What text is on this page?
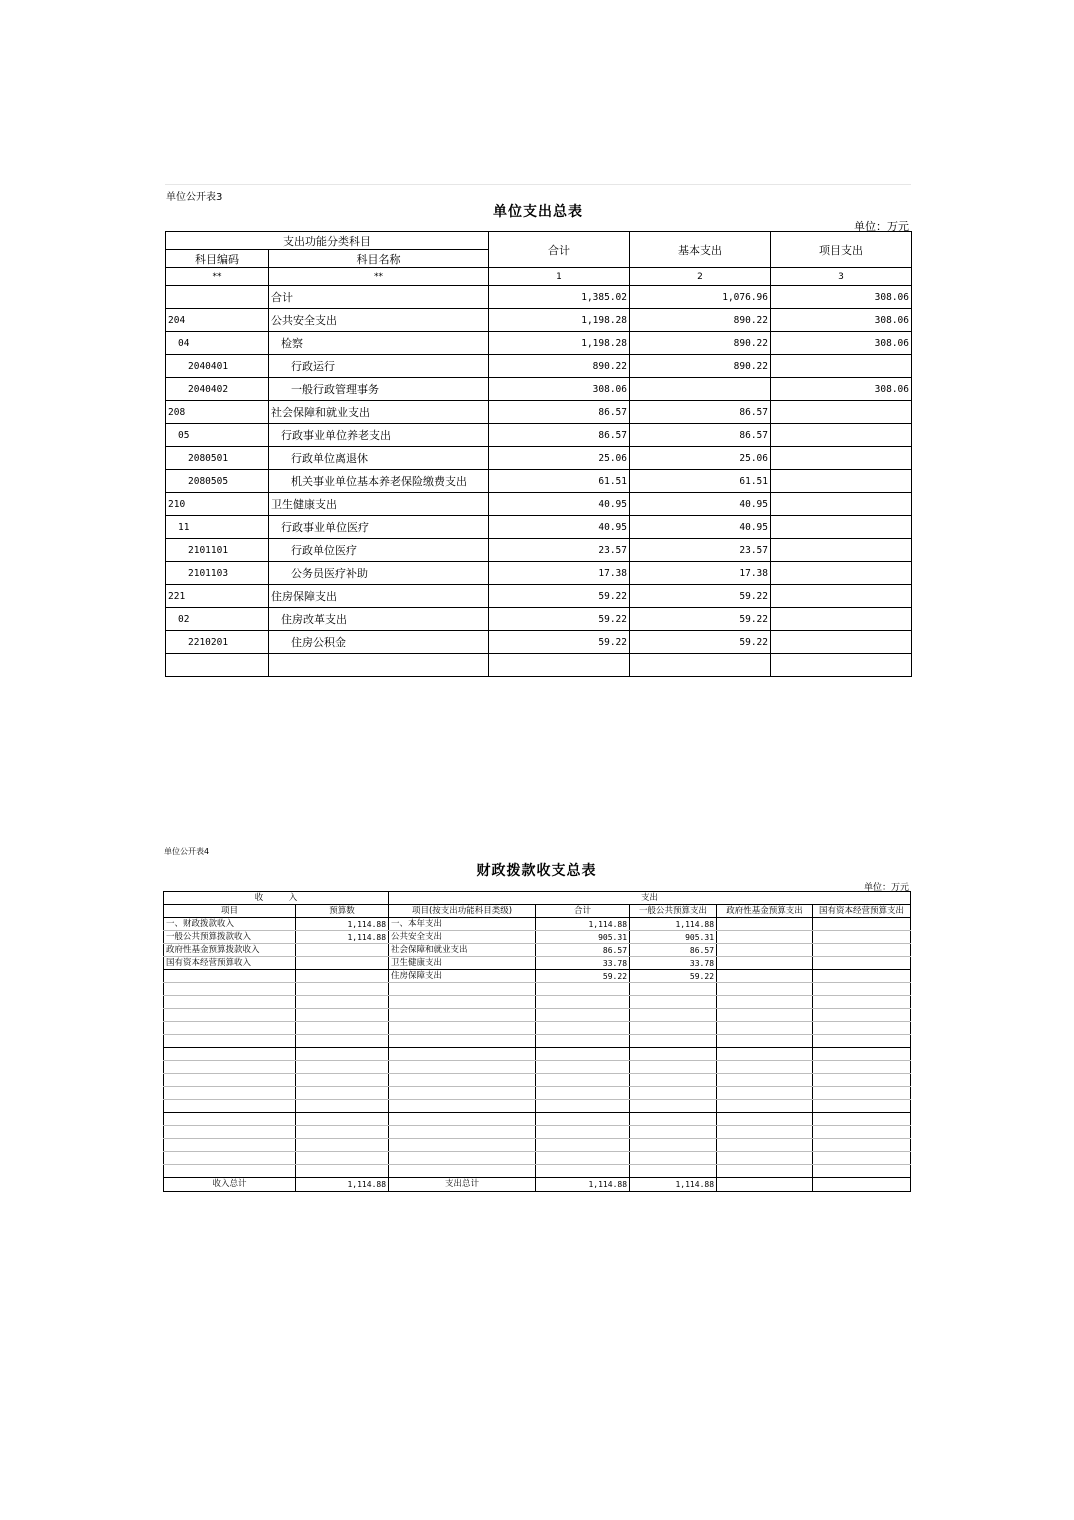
单位公开表3
单位支出总表
单位：万元
支出功能分类科目		合计	基本支出	项目支出
科目编码	科目名称			
**	**	1	2	3
	合计	1,385.02	1,076.96	308.06
204	公共安全支出	1,198.28	890.22	308.06
04	检察	1,198.28	890.22	308.06
2040401	行政运行	890.22	890.22	
2040402	一般行政管理事务	308.06		308.06
208	社会保障和就业支出	86.57	86.57	
05	行政事业单位养老支出	86.57	86.57	
2080501	行政单位离退休	25.06	25.06	
2080505	机关事业单位基本养老保险缴费支出	61.51	61.51	
210	卫生健康支出	40.95	40.95	
11	行政事业单位医疗	40.95	40.95	
2101101	行政单位医疗	23.57	23.57	
2101103	公务员医疗补助	17.38	17.38	
221	住房保障支出	59.22	59.22	
02	住房改革支出	59.22	59.22	
2210201	住房公积金	59.22	59.22	

单位公开表4
财政拨款收支总表
单位：万元
收　　　入		支出				
项目	预算数	项目(按支出功能科目类级)	合计	一般公共预算支出	政府性基金预算支出	国有资本经营预算支出
一、财政拨款收入	1,114.88	一、本年支出	1,114.88	1,114.88		
一般公共预算拨款收入	1,114.88	公共安全支出	905.31	905.31		
政府性基金预算拨款收入		社会保障和就业支出	86.57	86.57		
国有资本经营预算收入		卫生健康支出	33.78	33.78		
		住房保障支出	59.22	59.22		

收入总计	1,114.88	支出总计	1,114.88	1,114.88		
